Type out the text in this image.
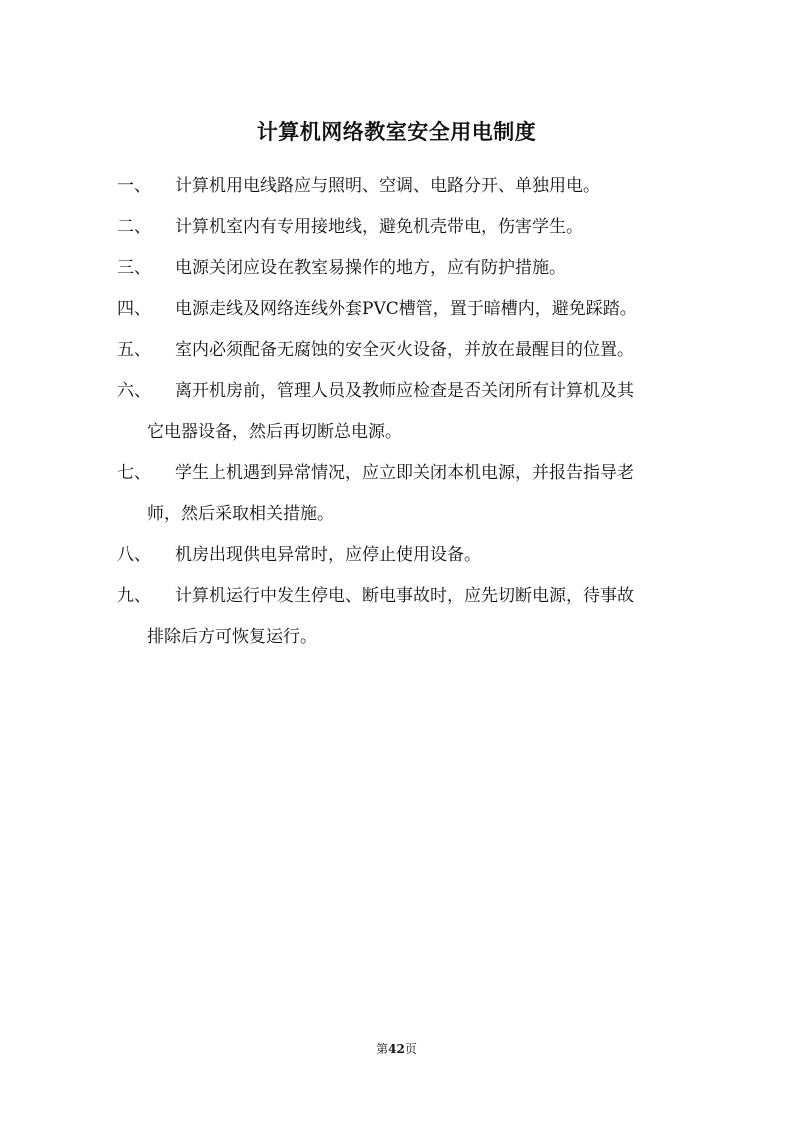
计算机网络教室安全用电制度

一、 计算机用电线路应与照明、空调、电路分开、单独用电。

二、 计算机室内有专用接地线，避免机壳带电，伤害学生。

三、 电源关闭应设在教室易操作的地方，应有防护措施。

四、 电源走线及网络连线外套PVC槽管，置于暗槽内，避免踩踏。

五、 室内必须配备无腐蚀的安全灭火设备，并放在最醒目的位置。

六、 离开机房前，管理人员及教师应检查是否关闭所有计算机及其
它电器设备，然后再切断总电源。

七、 学生上机遇到异常情况，应立即关闭本机电源，并报告指导老
师，然后采取相关措施。

八、 机房出现供电异常时，应停止使用设备。

九、 计算机运行中发生停电、断电事故时，应先切断电源，待事故
排除后方可恢复运行。

第42页
